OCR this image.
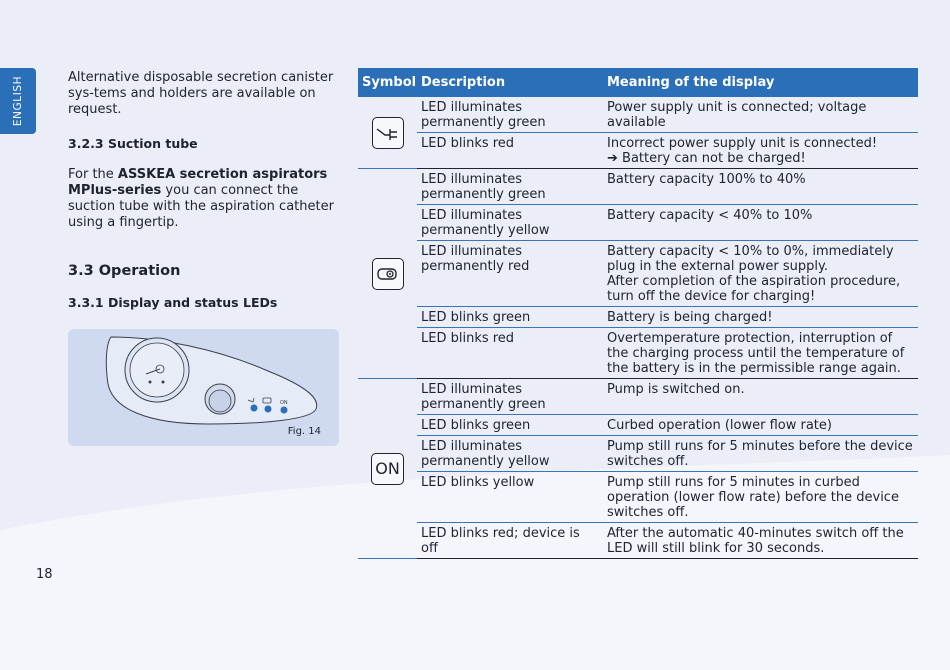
ENGLISH	Alternative disposable secretion canister sys-tems and holders are available on request.

3.2.3 Suction tube

For the ASSKEA secretion aspirators MPlus-series you can connect the suction tube with the aspiration catheter using a fingertip.

3.3 Operation
3.3.1 Display and status LEDs
ON
Fig. 14
Symbol	Description	Meaning of the display

	LED illuminates permanently green	Power supply unit is connected; voltage available
	LED blinks red	Incorrect power supply unit is connected!
➔ Battery can not be charged!

	LED illuminates permanently green	Battery capacity 100% to 40%
	LED illuminates permanently yellow	Battery capacity < 40% to 10%
	LED illuminates permanently red	Battery capacity < 10% to 0%, immediately plug in the external power supply.
After completion of the aspiration procedure, turn off the device for charging!
	LED blinks green	Battery is being charged!
	LED blinks red	Overtemperature protection, interruption of the charging process until the temperature of the battery is in the permissible range again.
ON	LED illuminates permanently green	Pump is switched on.
	LED blinks green	Curbed operation (lower flow rate)
	LED illuminates permanently yellow	Pump still runs for 5 minutes before the device switches off.
	LED blinks yellow	Pump still runs for 5 minutes in curbed operation (lower flow rate) before the device switches off.
	LED blinks red; device is off	After the automatic 40-minutes switch off the LED will still blink for 30 seconds.
18
